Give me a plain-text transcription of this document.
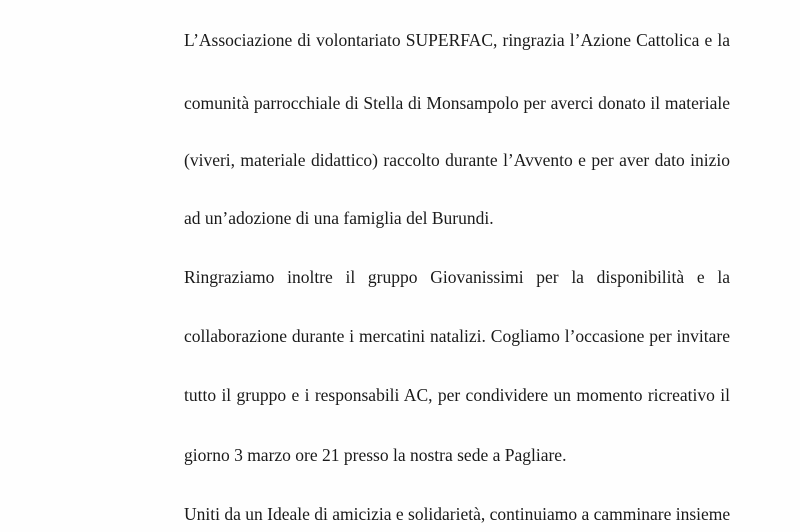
L’Associazione di volontariato SUPERFAC, ringrazia l’Azione Cattolica e la
comunità parrocchiale di Stella di Monsampolo per averci donato il materiale
(viveri, materiale didattico) raccolto durante l’Avvento e per aver dato inizio
ad un’adozione di una famiglia del Burundi.
Ringraziamo inoltre il gruppo Giovanissimi per la disponibilità e la
collaborazione durante i mercatini natalizi. Cogliamo l’occasione per invitare
tutto il gruppo e i responsabili AC, per condividere un momento ricreativo il
giorno 3 marzo ore 21 presso la nostra sede a Pagliare.
Uniti da un Ideale di amicizia e solidarietà, continuiamo a camminare insieme
